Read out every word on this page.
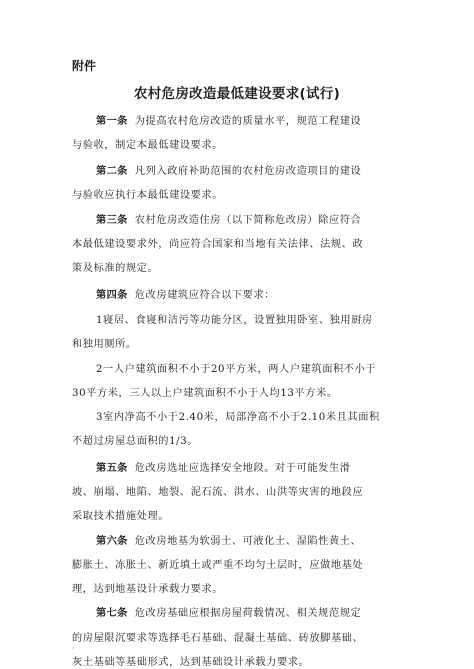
附件
农村危房改造最低建设要求(试行)
第一条 为提高农村危房改造的质量水平，规范工程建设
与验收，制定本最低建设要求。
第二条 凡列入政府补助范围的农村危房改造项目的建设
与验收应执行本最低建设要求。
第三条 农村危房改造住房（以下简称危改房）除应符合
本最低建设要求外，尚应符合国家和当地有关法律、法规、政
策及标准的规定。
第四条 危改房建筑应符合以下要求：
1寝居、食寝和洁污等功能分区，设置独用卧室、独用厨房
和独用厕所。
2一人户建筑面积不小于20平方米，两人户建筑面积不小于
30平方米，三人以上户建筑面积不小于人均13平方米。
3室内净高不小于2.40米，局部净高不小于2.10米且其面积
不超过房屋总面积的1/3。
第五条 危改房选址应选择安全地段。对于可能发生滑
坡、崩塌、地陷、地裂、泥石流、洪水、山洪等灾害的地段应
采取技术措施处理。
第六条 危改房地基为软弱土、可液化土、湿陷性黄土、
膨胀土、冻胀土、新近填土或严重不均匀土层时，应做地基处
理，达到地基设计承载力要求。
第七条 危改房基础应根据房屋荷载情况、相关规范规定
的房屋限沉要求等选择毛石基础、混凝土基础、砖放脚基础、
灰土基础等基础形式，达到基础设计承载力要求。
'
